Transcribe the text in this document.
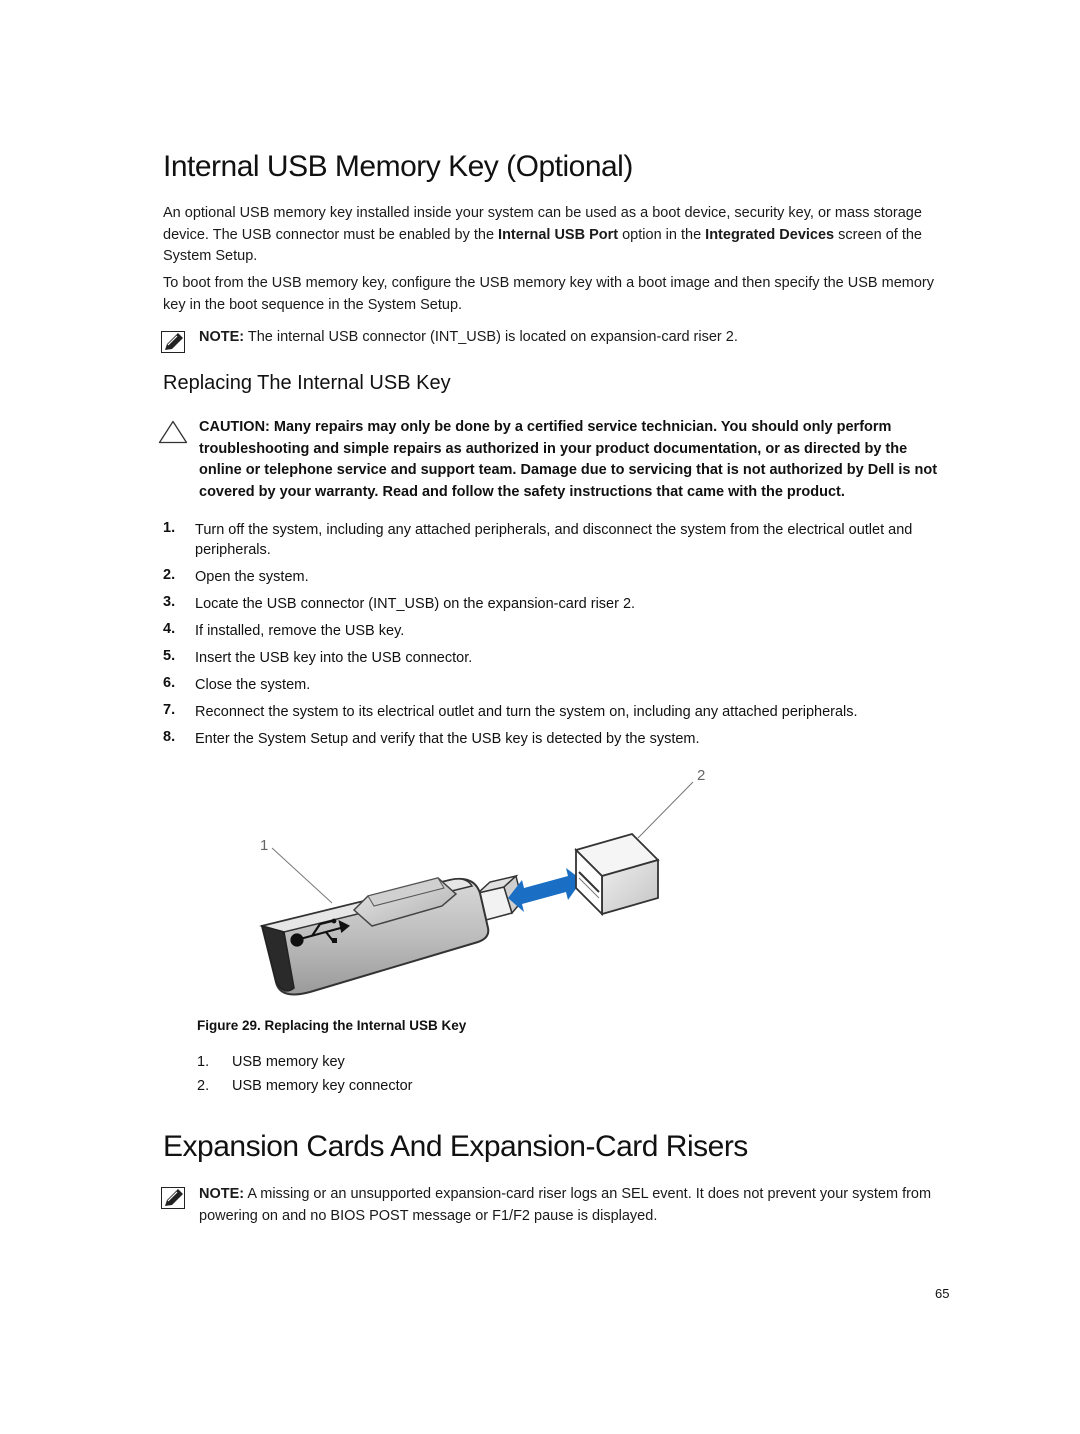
Internal USB Memory Key (Optional)
An optional USB memory key installed inside your system can be used as a boot device, security key, or mass storage device. The USB connector must be enabled by the Internal USB Port option in the Integrated Devices screen of the System Setup.
To boot from the USB memory key, configure the USB memory key with a boot image and then specify the USB memory key in the boot sequence in the System Setup.
NOTE: The internal USB connector (INT_USB) is located on expansion-card riser 2.
Replacing The Internal USB Key
CAUTION: Many repairs may only be done by a certified service technician. You should only perform troubleshooting and simple repairs as authorized in your product documentation, or as directed by the online or telephone service and support team. Damage due to servicing that is not authorized by Dell is not covered by your warranty. Read and follow the safety instructions that came with the product.
1. Turn off the system, including any attached peripherals, and disconnect the system from the electrical outlet and peripherals.
2. Open the system.
3. Locate the USB connector (INT_USB) on the expansion-card riser 2.
4. If installed, remove the USB key.
5. Insert the USB key into the USB connector.
6. Close the system.
7. Reconnect the system to its electrical outlet and turn the system on, including any attached peripherals.
8. Enter the System Setup and verify that the USB key is detected by the system.
1
2
Figure 29. Replacing the Internal USB Key
1. USB memory key
2. USB memory key connector
Expansion Cards And Expansion-Card Risers
NOTE: A missing or an unsupported expansion-card riser logs an SEL event. It does not prevent your system from powering on and no BIOS POST message or F1/F2 pause is displayed.
65
